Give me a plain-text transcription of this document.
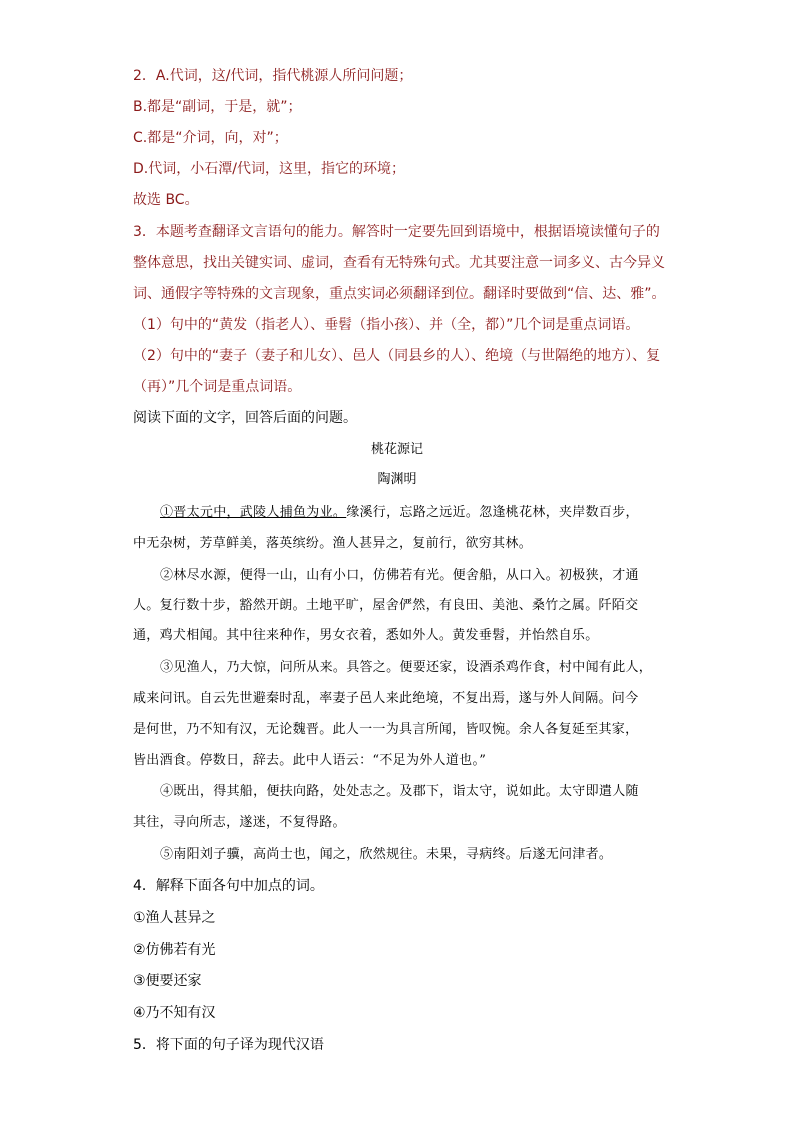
2．A.代词，这/代词，指代桃源人所问问题；
B.都是“副词，于是，就”；
C.都是“介词，向，对”；
D.代词，小石潭/代词，这里，指它的环境；
故选 BC。
3．本题考查翻译文言语句的能力。解答时一定要先回到语境中，根据语境读懂句子的
整体意思，找出关键实词、虚词，查看有无特殊句式。尤其要注意一词多义、古今异义
词、通假字等特殊的文言现象，重点实词必须翻译到位。翻译时要做到“信、达、雅”。
（1）句中的“黄发（指老人）、垂髫（指小孩）、并（全，都）”几个词是重点词语。
（2）句中的“妻子（妻子和儿女）、邑人（同县乡的人）、绝境（与世隔绝的地方）、复
（再）”几个词是重点词语。
阅读下面的文字，回答后面的问题。
桃花源记
陶渊明
①晋太元中，武陵人捕鱼为业。缘溪行，忘路之远近。忽逢桃花林，夹岸数百步，
中无杂树，芳草鲜美，落英缤纷。渔人甚异之，复前行，欲穷其林。
②林尽水源，便得一山，山有小口，仿佛若有光。便舍船，从口入。初极狭，才通
人。复行数十步，豁然开朗。土地平旷，屋舍俨然，有良田、美池、桑竹之属。阡陌交
通，鸡犬相闻。其中往来种作，男女衣着，悉如外人。黄发垂髫，并怡然自乐。
③见渔人，乃大惊，问所从来。具答之。便要还家，设酒杀鸡作食，村中闻有此人，
咸来问讯。自云先世避秦时乱，率妻子邑人来此绝境，不复出焉，遂与外人间隔。问今
是何世，乃不知有汉，无论魏晋。此人一一为具言所闻，皆叹惋。余人各复延至其家，
皆出酒食。停数日，辞去。此中人语云：“不足为外人道也。”
④既出，得其船，便扶向路，处处志之。及郡下，诣太守，说如此。太守即遣人随
其往，寻向所志，遂迷，不复得路。
⑤南阳刘子骥，高尚士也，闻之，欣然规往。未果，寻病终。后遂无问津者。
4．解释下面各句中加点的词。
①渔人甚异之
②仿佛若有光
③便要还家
④乃不知有汉
5．将下面的句子译为现代汉语
